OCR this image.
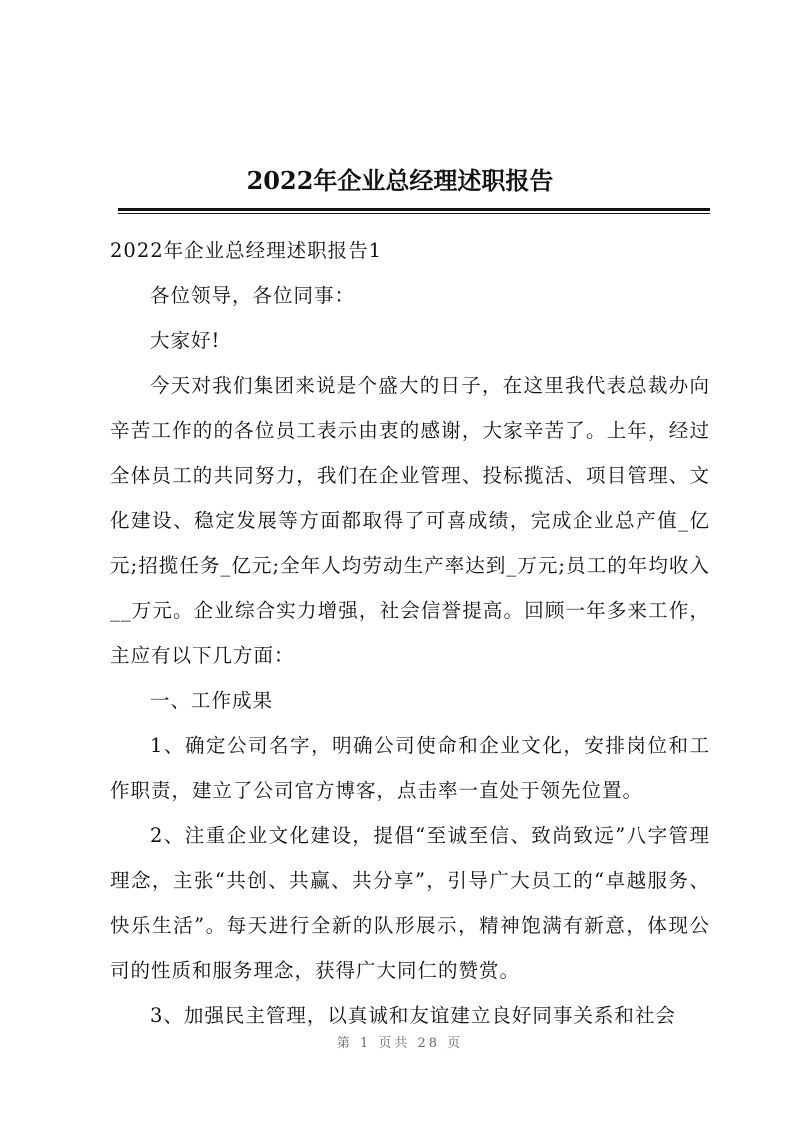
2022年企业总经理述职报告

2022年企业总经理述职报告1

各位领导，各位同事：

大家好!

今天对我们集团来说是个盛大的日子，在这里我代表总裁办向辛苦工作的的各位员工表示由衷的感谢，大家辛苦了。上年，经过全体员工的共同努力，我们在企业管理、投标揽活、项目管理、文化建设、稳定发展等方面都取得了可喜成绩，完成企业总产值_亿元;招揽任务_亿元;全年人均劳动生产率达到_万元;员工的年均收入__万元。企业综合实力增强，社会信誉提高。回顾一年多来工作，主应有以下几方面：

一、工作成果

1、确定公司名字，明确公司使命和企业文化，安排岗位和工作职责，建立了公司官方博客，点击率一直处于领先位置。

2、注重企业文化建设，提倡“至诚至信、致尚致远”八字管理理念，主张“共创、共赢、共分享”，引导广大员工的“卓越服务、快乐生活”。每天进行全新的队形展示，精神饱满有新意，体现公司的性质和服务理念，获得广大同仁的赞赏。

3、加强民主管理，以真诚和友谊建立良好同事关系和社会

第 1 页共 28 页
